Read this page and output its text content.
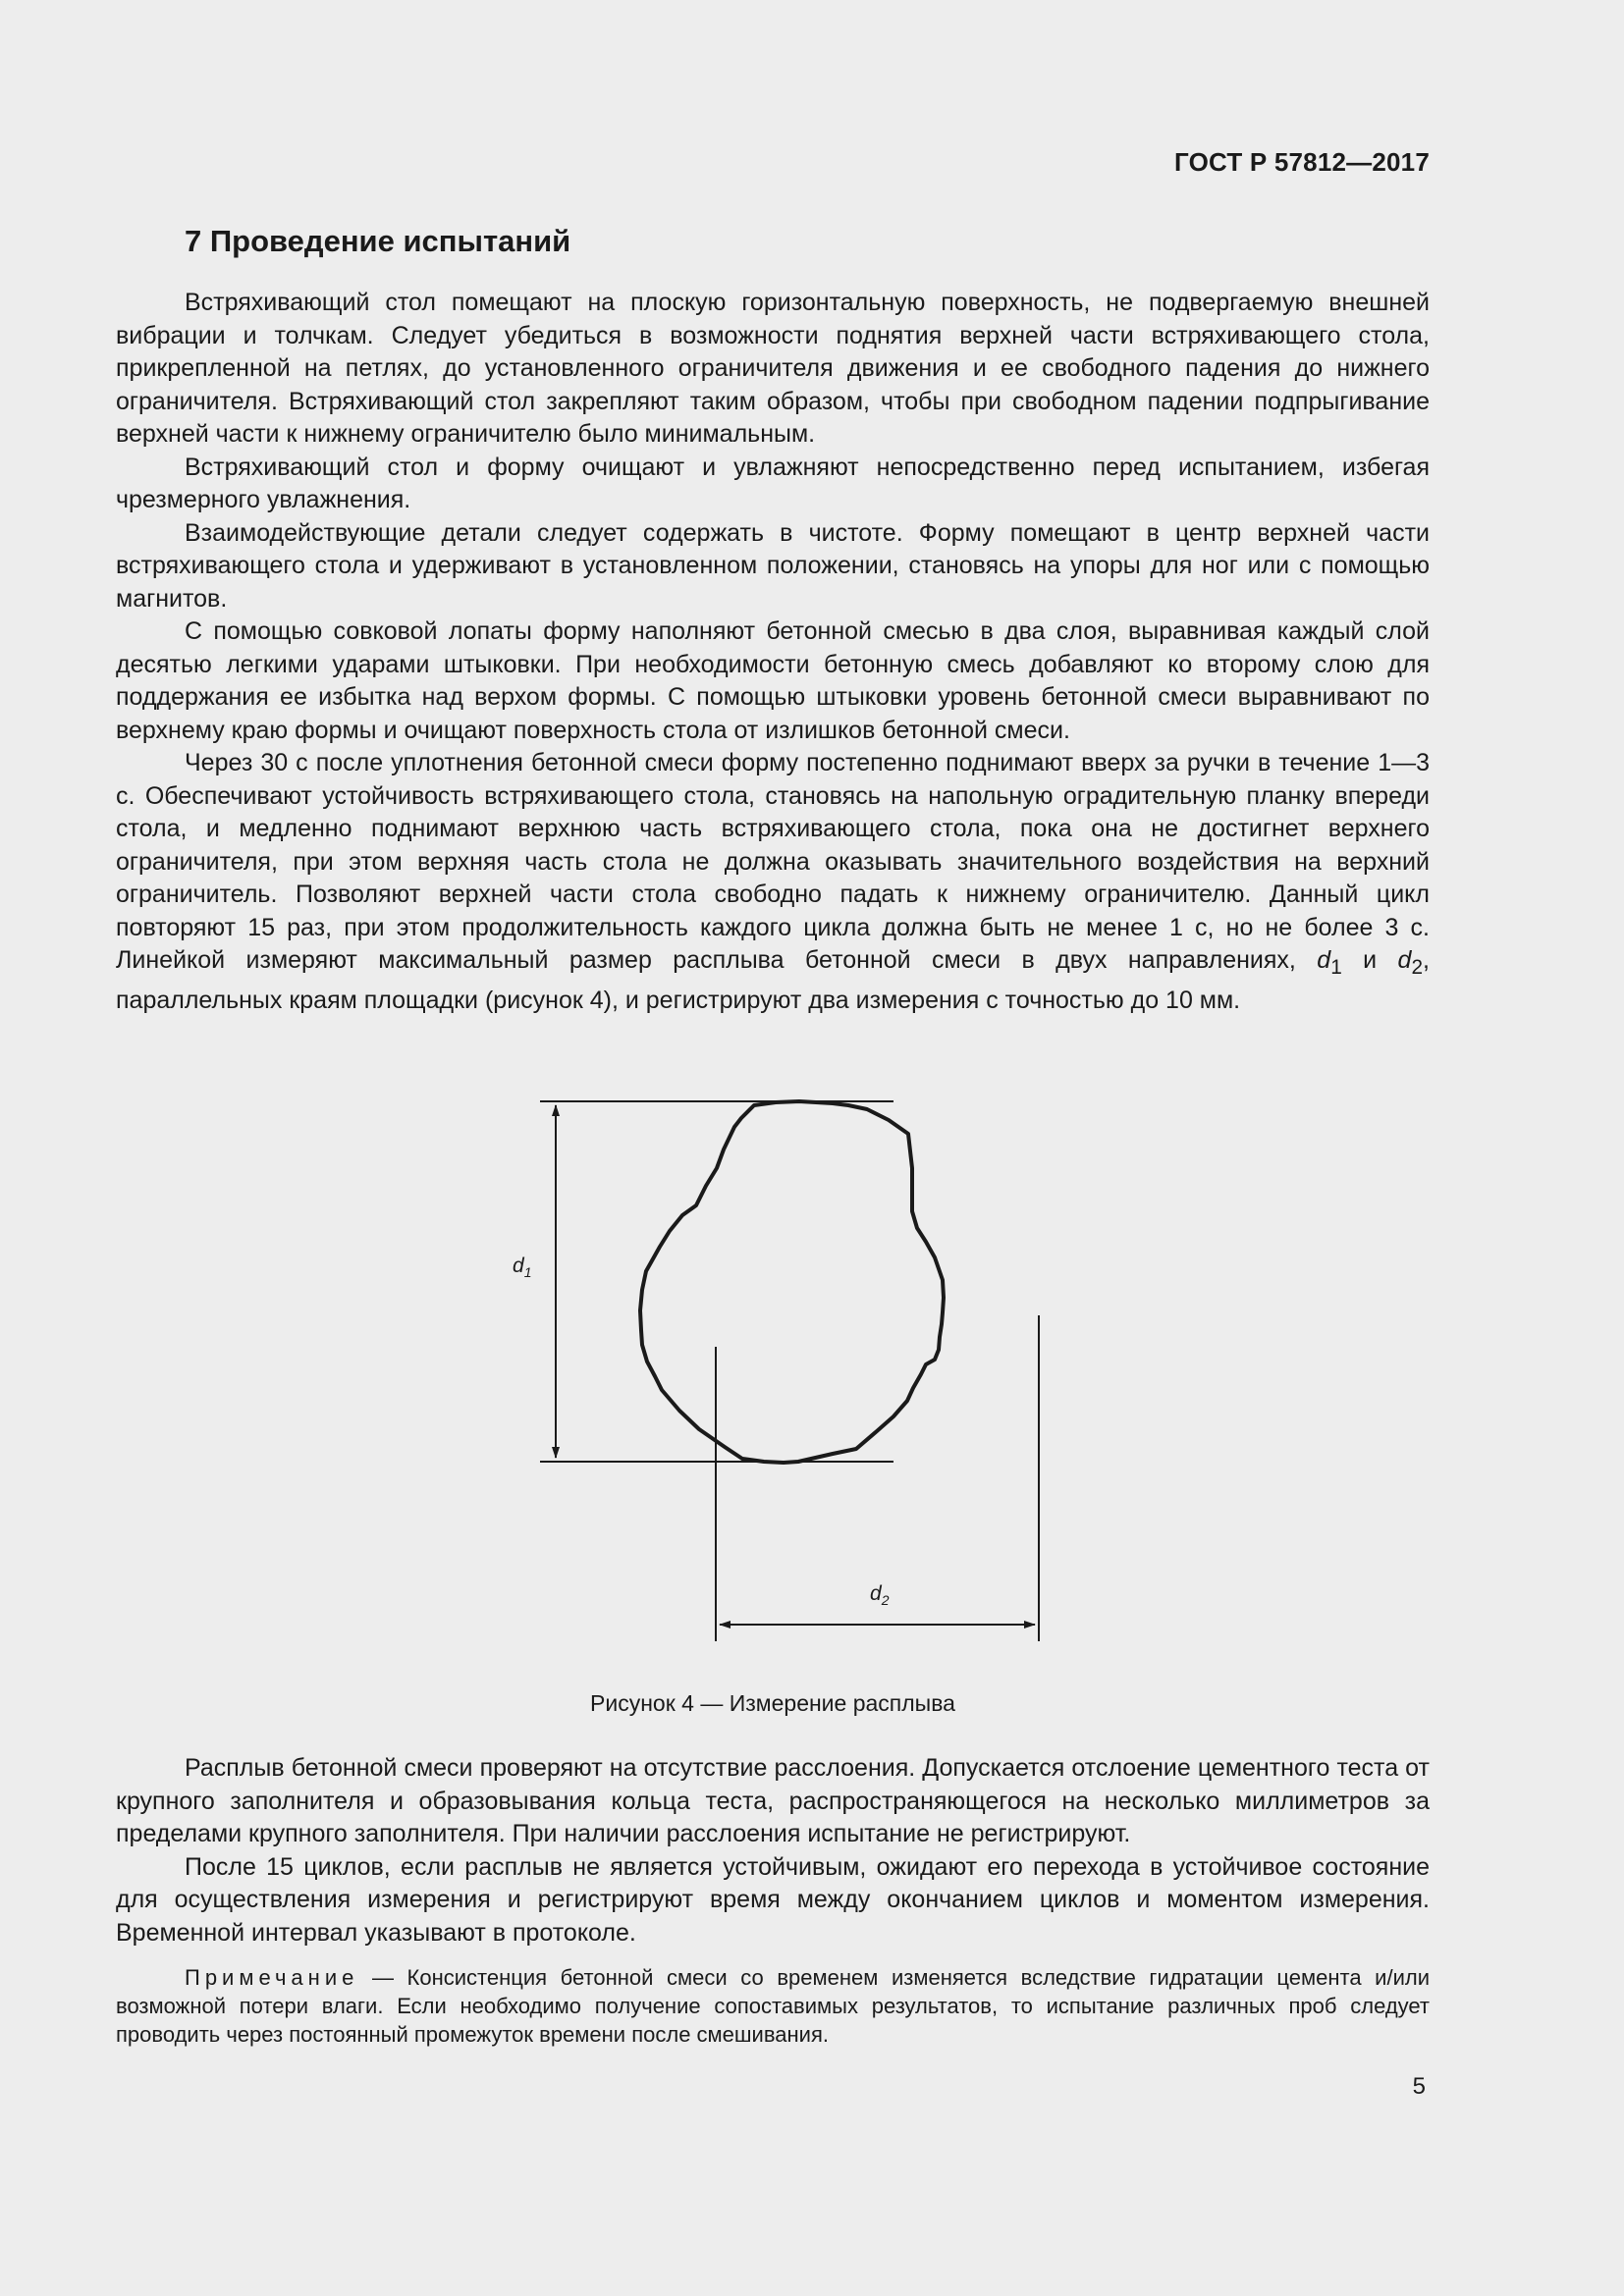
ГОСТ Р 57812—2017
7 Проведение испытаний

Встряхивающий стол помещают на плоскую горизонтальную поверхность, не подвергаемую внешней вибрации и толчкам. Следует убедиться в возможности поднятия верхней части встряхивающего стола, прикрепленной на петлях, до установленного ограничителя движения и ее свободного падения до нижнего ограничителя. Встряхивающий стол закрепляют таким образом, чтобы при свободном падении подпрыгивание верхней части к нижнему ограничителю было минимальным.

Встряхивающий стол и форму очищают и увлажняют непосредственно перед испытанием, избегая чрезмерного увлажнения.

Взаимодействующие детали следует содержать в чистоте. Форму помещают в центр верхней части встряхивающего стола и удерживают в установленном положении, становясь на упоры для ног или с помощью магнитов.

С помощью совковой лопаты форму наполняют бетонной смесью в два слоя, выравнивая каждый слой десятью легкими ударами штыковки. При необходимости бетонную смесь добавляют ко второму слою для поддержания ее избытка над верхом формы. С помощью штыковки уровень бетонной смеси выравнивают по верхнему краю формы и очищают поверхность стола от излишков бетонной смеси.

Через 30 с после уплотнения бетонной смеси форму постепенно поднимают вверх за ручки в течение 1—3 с. Обеспечивают устойчивость встряхивающего стола, становясь на напольную оградительную планку впереди стола, и медленно поднимают верхнюю часть встряхивающего стола, пока она не достигнет верхнего ограничителя, при этом верхняя часть стола не должна оказывать значительного воздействия на верхний ограничитель. Позволяют верхней части стола свободно падать к нижнему ограничителю. Данный цикл повторяют 15 раз, при этом продолжительность каждого цикла должна быть не менее 1 с, но не более 3 с. Линейкой измеряют максимальный размер расплыва бетонной смеси в двух направлениях, $d_1$ и $d_2$, параллельных краям площадки (рисунок 4), и регистрируют два измерения с точностью до 10 мм.

$d_1$
$d_2$
Рисунок 4 — Измерение расплыва

Расплыв бетонной смеси проверяют на отсутствие расслоения. Допускается отслоение цементного теста от крупного заполнителя и образовывания кольца теста, распространяющегося на несколько миллиметров за пределами крупного заполнителя. При наличии расслоения испытание не регистрируют.

После 15 циклов, если расплыв не является устойчивым, ожидают его перехода в устойчивое состояние для осуществления измерения и регистрируют время между окончанием циклов и моментом измерения. Временной интервал указывают в протоколе.

Примечание — Консистенция бетонной смеси со временем изменяется вследствие гидратации цемента и/или возможной потери влаги. Если необходимо получение сопоставимых результатов, то испытание различных проб следует проводить через постоянный промежуток времени после смешивания.

5
